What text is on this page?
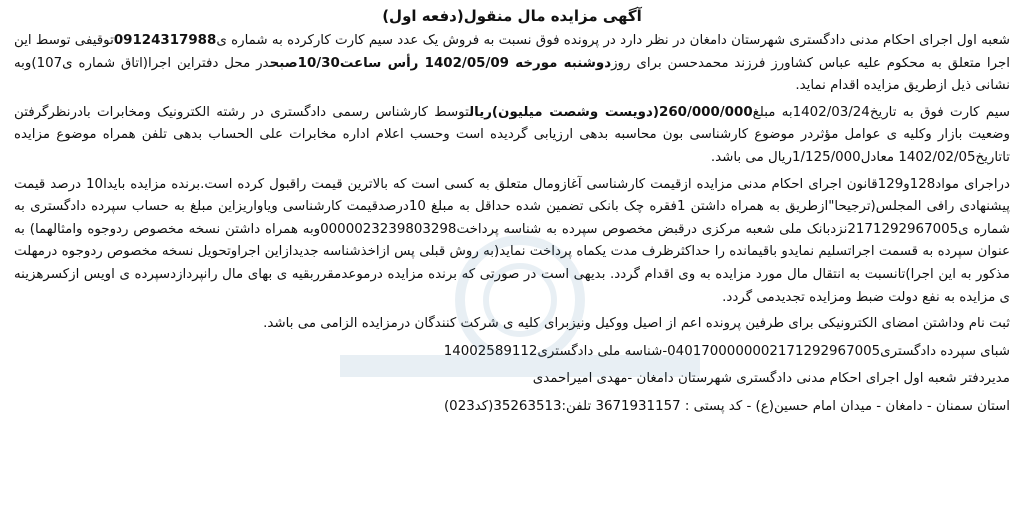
آگهی مزایده مال منقول(دفعه اول)

شعبه اول اجرای احکام مدنی دادگستری شهرستان دامغان در نظر دارد در پرونده فوق نسبت به فروش یک عدد سیم کارت کارکرده به شماره ی09124317988توقیفی توسط این اجرا متعلق به محکوم علیه عباس کشاورز فرزند محمدحسن برای روزدوشنبه مورخه 1402/05/09 رأس ساعت10/30صبحدر محل دفتراین اجرا(اتاق شماره ی107)وبه نشانی ذیل ازطریق مزایده اقدام نماید.

سیم کارت فوق به تاریخ1402/03/24به مبلغ260/000/000(دویست وشصت میلیون)ریالتوسط کارشناس رسمی دادگستری در رشته الکترونیک ومخابرات بادرنظرگرفتن وضعیت بازار وکلیه ی عوامل مؤثردر موضوع کارشناسی بون محاسبه بدهی ارزیابی گردیده است وحسب اعلام اداره مخابرات علی الحساب بدهی تلفن همراه موضوع مزایده تاتاریخ1402/02/05 معادل1/125/000ریال می باشد.

دراجرای مواد128و129قانون اجرای احکام مدنی مزایده ازقیمت کارشناسی آغازومال متعلق به کسی است که بالاترین قیمت راقبول کرده است.برنده مزایده بایدا10 درصد قیمت پیشنهادی رافی المجلس(ترجیحا"ازطریق به همراه داشتن 1فقره چک بانکی تضمین شده حداقل به مبلغ 10درصدقیمت کارشناسی ویاواریزاین مبلغ به حساب سپرده دادگستری به شماره ی2171292967005نزدبانک ملی شعبه مرکزی درقبض مخصوص سپرده به شناسه پرداخت0000023239803298وبه همراه داشتن نسخه مخصوص ردوجوه وامثالهما) به عنوان سپرده به قسمت اجراتسلیم نمایدو باقیمانده را حداکثرظرف مدت یکماه پرداخت نماید(به روش قبلی پس ازاخذشناسه جدیدازاین اجراوتحویل نسخه مخصوص ردوجوه درمهلت مذکور به این اجرا)تانسبت به انتقال مال مورد مزایده به وی اقدام گردد. بدیهی است در صورتی که برنده مزایده درموعدمقرربقیه ی بهای مال رانپردازدسپرده ی اویس ازکسرهزینه ی مزایده به نفع دولت ضبط ومزایده تجدیدمی گردد.

ثبت نام وداشتن امضای الکترونیکی برای طرفین پرونده اعم از اصیل ووکیل ونیزبرای کلیه ی شرکت کنندگان درمزایده الزامی می باشد.

شبای سپرده دادگستری0401700000002171292967005-شناسه ملی دادگستری14002589112

مدیردفتر شعبه اول اجرای احکام مدنی دادگستری شهرستان دامغان -مهدی امیراحمدی

استان سمنان - دامغان - میدان امام حسین(ع) - کد پستی : 3671931157 تلفن:35263513(کد023)
